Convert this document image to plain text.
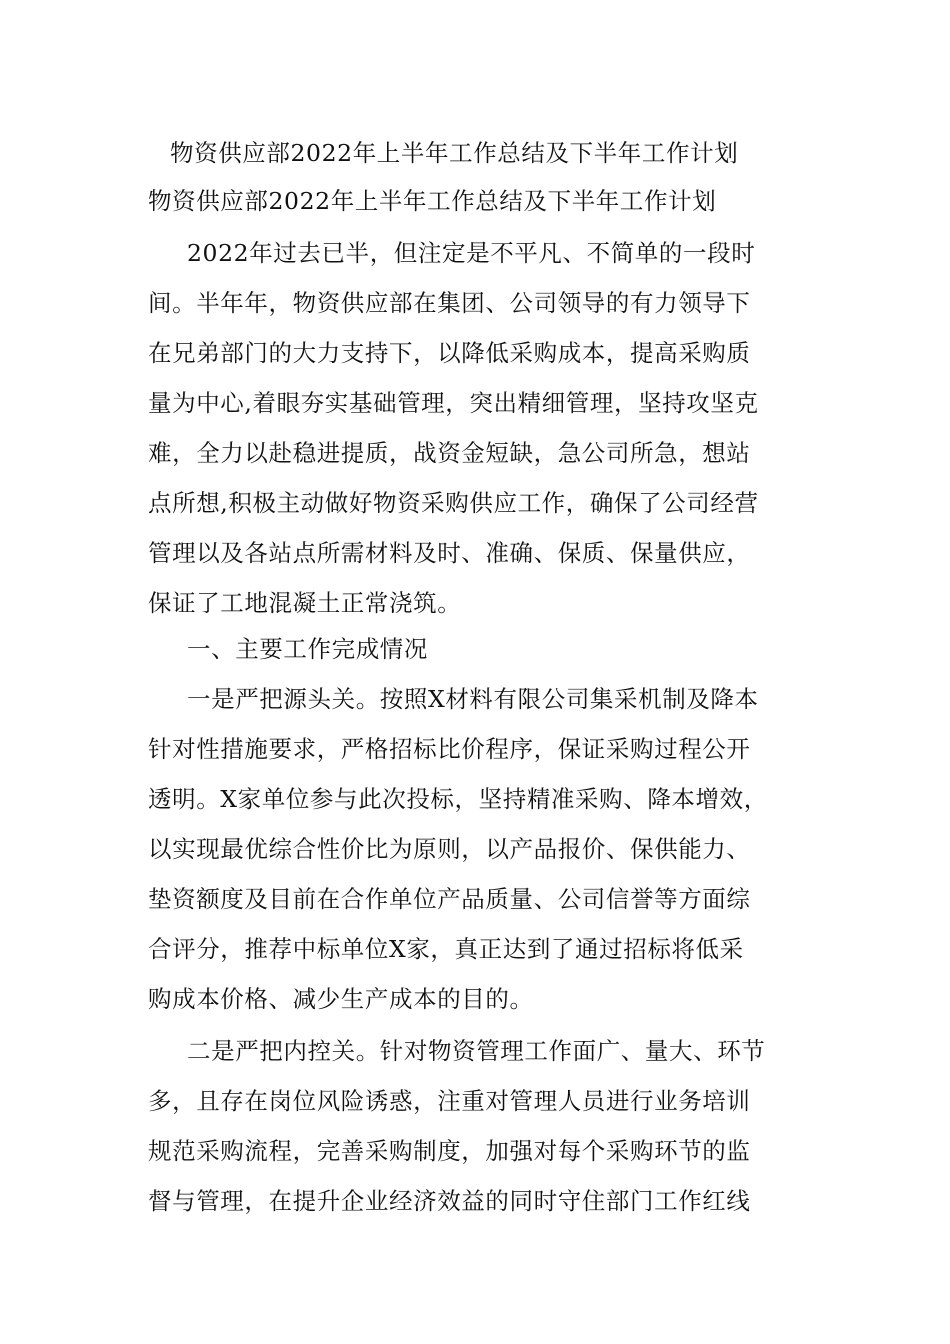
物资供应部2022年上半年工作总结及下半年工作计划
物资供应部2022年上半年工作总结及下半年工作计划
2022年过去已半，但注定是不平凡、不简单的一段时
间。半年年，物资供应部在集团、公司领导的有力领导下
在兄弟部门的大力支持下，以降低采购成本，提高采购质
量为中心,着眼夯实基础管理，突出精细管理，坚持攻坚克
难，全力以赴稳进提质，战资金短缺，急公司所急，想站
点所想,积极主动做好物资采购供应工作，确保了公司经营
管理以及各站点所需材料及时、准确、保质、保量供应，
保证了工地混凝土正常浇筑。
一、主要工作完成情况
一是严把源头关。按照X材料有限公司集采机制及降本
针对性措施要求，严格招标比价程序，保证采购过程公开
透明。X家单位参与此次投标，坚持精准采购、降本增效，
以实现最优综合性价比为原则，以产品报价、保供能力、
垫资额度及目前在合作单位产品质量、公司信誉等方面综
合评分，推荐中标单位X家，真正达到了通过招标将低采
购成本价格、减少生产成本的目的。
二是严把内控关。针对物资管理工作面广、量大、环节
多，且存在岗位风险诱惑，注重对管理人员进行业务培训
规范采购流程，完善采购制度，加强对每个采购环节的监
督与管理，在提升企业经济效益的同时守住部门工作红线
